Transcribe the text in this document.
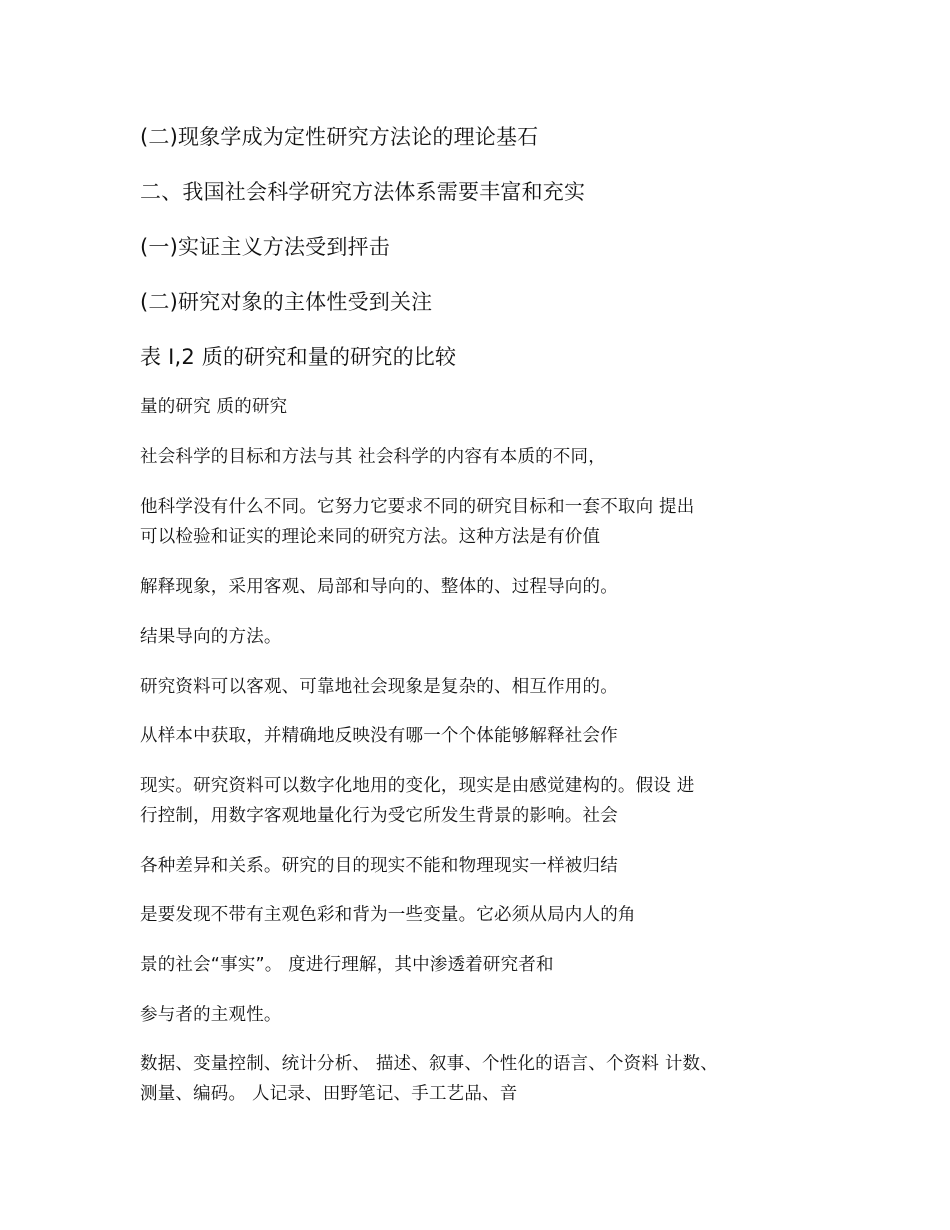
(二)现象学成为定性研究方法论的理论基石
二、我国社会科学研究方法体系需要丰富和充实
(一)实证主义方法受到抨击
(二)研究对象的主体性受到关注
表 I,2 质的研究和量的研究的比较
量的研究 质的研究
社会科学的目标和方法与其 社会科学的内容有本质的不同，
他科学没有什么不同。它努力它要求不同的研究目标和一套不取向 提出
可以检验和证实的理论来同的研究方法。这种方法是有价值
解释现象，采用客观、局部和导向的、整体的、过程导向的。
结果导向的方法。
研究资料可以客观、可靠地社会现象是复杂的、相互作用的。
从样本中获取，并精确地反映没有哪一个个体能够解释社会作
现实。研究资料可以数字化地用的变化，现实是由感觉建构的。假设 进
行控制，用数字客观地量化行为受它所发生背景的影响。社会
各种差异和关系。研究的目的现实不能和物理现实一样被归结
是要发现不带有主观色彩和背为一些变量。它必须从局内人的角
景的社会“事实”。 度进行理解，其中渗透着研究者和
参与者的主观性。
数据、变量控制、统计分析、 描述、叙事、个性化的语言、个资料 计数、
测量、编码。 人记录、田野笔记、手工艺品、音
